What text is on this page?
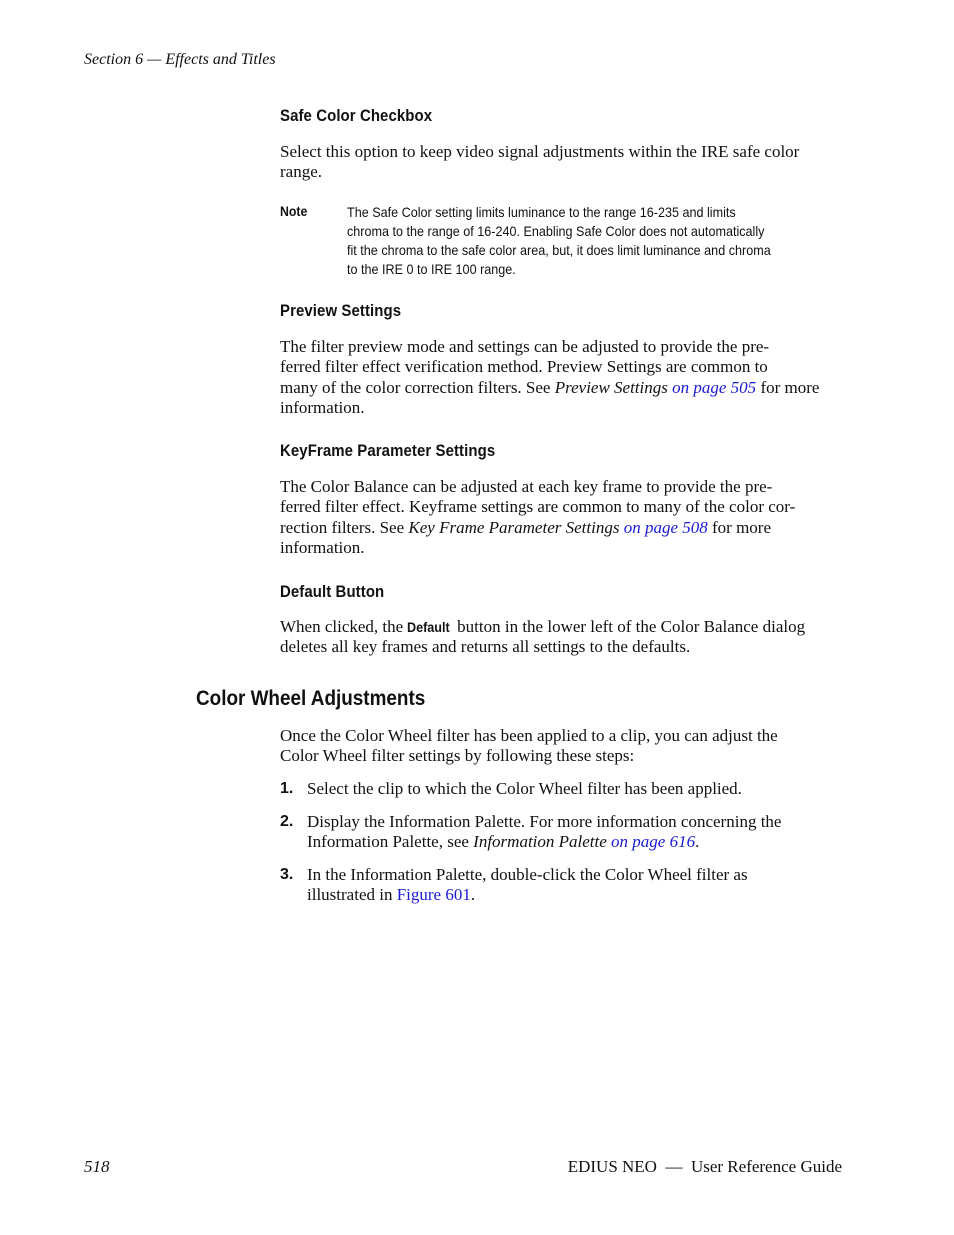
Section 6 — Effects and Titles
Safe Color Checkbox
Select this option to keep video signal adjustments within the IRE safe color range.
Note	The Safe Color setting limits luminance to the range 16-235 and limits
chroma to the range of 16-240. Enabling Safe Color does not automatically
fit the chroma to the safe color area, but, it does limit luminance and chroma
to the IRE 0 to IRE 100 range.
Preview Settings
The filter preview mode and settings can be adjusted to provide the pre-
ferred filter effect verification method. Preview Settings are common to
many of the color correction filters. See Preview Settings on page 505 for more
information.
KeyFrame Parameter Settings
The Color Balance can be adjusted at each key frame to provide the pre-
ferred filter effect. Keyframe settings are common to many of the color cor-
rection filters. See Key Frame Parameter Settings on page 508 for more
information.
Default Button
When clicked, the Default button in the lower left of the Color Balance dialog
deletes all key frames and returns all settings to the defaults.
Color Wheel Adjustments
Once the Color Wheel filter has been applied to a clip, you can adjust the
Color Wheel filter settings by following these steps:
1. Select the clip to which the Color Wheel filter has been applied.
2. Display the Information Palette. For more information concerning the
Information Palette, see Information Palette on page 616.
3. In the Information Palette, double-click the Color Wheel filter as
illustrated in Figure 601.
518	EDIUS NEO  —  User Reference Guide
